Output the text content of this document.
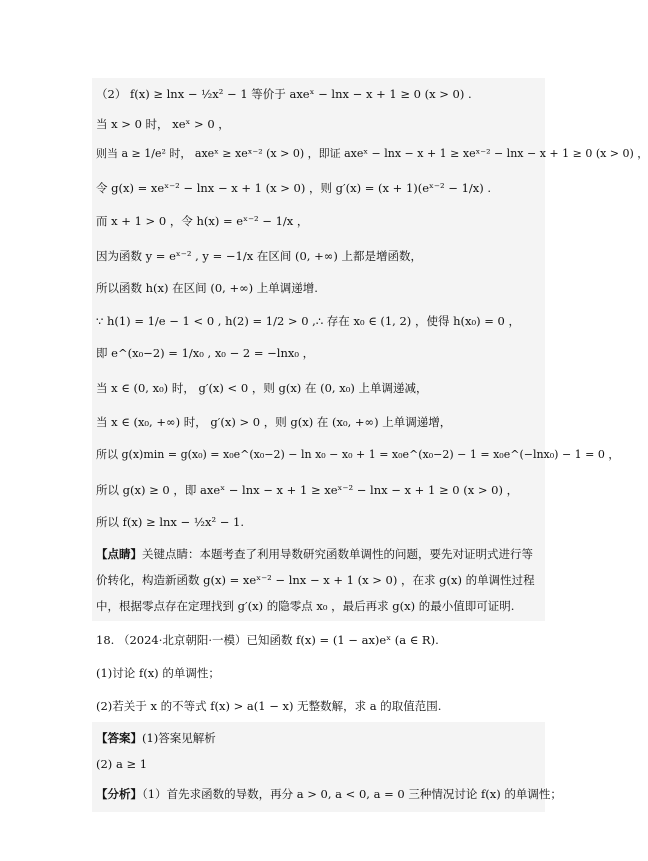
（2） f(x) ≥ lnx − ½x² − 1 等价于 axeˣ − lnx − x + 1 ≥ 0 (x > 0) .
当 x > 0 时， xeˣ > 0 ，
则当 a ≥ 1/e² 时， axeˣ ≥ xeˣ⁻² (x > 0) ，即证 axeˣ − lnx − x + 1 ≥ xeˣ⁻² − lnx − x + 1 ≥ 0 (x > 0) ，
令 g(x) = xeˣ⁻² − lnx − x + 1 (x > 0) ，则 g′(x) = (x + 1)(eˣ⁻² − 1/x) .
而 x + 1 > 0 ，令 h(x) = eˣ⁻² − 1/x ，
因为函数 y = eˣ⁻² , y = −1/x 在区间 (0, +∞) 上都是增函数，
所以函数 h(x) 在区间 (0, +∞) 上单调递增.
∵ h(1) = 1/e − 1 < 0 , h(2) = 1/2 > 0 ,∴ 存在 x₀ ∈ (1, 2) ，使得 h(x₀) = 0 ，
即 e^(x₀−2) = 1/x₀ , x₀ − 2 = −lnx₀ ，
当 x ∈ (0, x₀) 时， g′(x) < 0 ，则 g(x) 在 (0, x₀) 上单调递减，
当 x ∈ (x₀, +∞) 时， g′(x) > 0 ，则 g(x) 在 (x₀, +∞) 上单调递增，
所以 g(x)min = g(x₀) = x₀e^(x₀−2) − ln x₀ − x₀ + 1 = x₀e^(x₀−2) − 1 = x₀e^(−lnx₀) − 1 = 0 ，
所以 g(x) ≥ 0 ，即 axeˣ − lnx − x + 1 ≥ xeˣ⁻² − lnx − x + 1 ≥ 0 (x > 0) ，
所以 f(x) ≥ lnx − ½x² − 1.
【点睛】关键点睛：本题考查了利用导数研究函数单调性的问题，要先对证明式进行等价转化，构造新函数 g(x) = xeˣ⁻² − lnx − x + 1 (x > 0) ，在求 g(x) 的单调性过程中，根据零点存在定理找到 g′(x) 的隐零点 x₀ ，最后再求 g(x) 的最小值即可证明.
18. （2024·北京朝阳·一模）已知函数 f(x) = (1 − ax)eˣ (a ∈ R).
(1)讨论 f(x) 的单调性；
(2)若关于 x 的不等式 f(x) > a(1 − x) 无整数解，求 a 的取值范围.
【答案】(1)答案见解析
(2) a ≥ 1
【分析】（1）首先求函数的导数，再分 a > 0, a < 0, a = 0 三种情况讨论 f(x) 的单调性；
